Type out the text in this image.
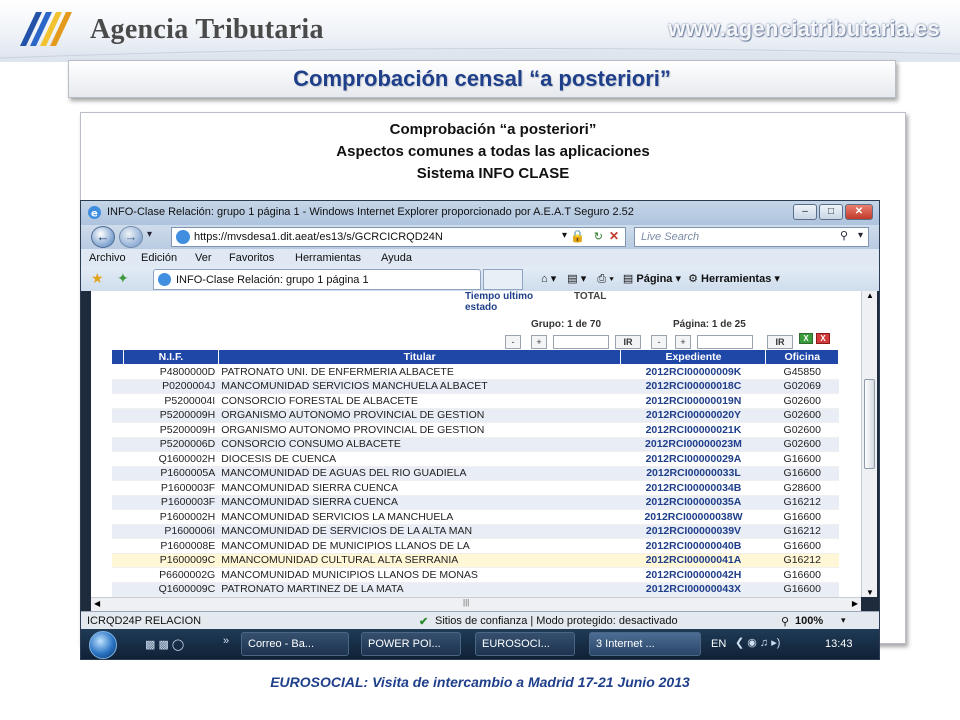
Agencia Tributaria	www.agenciatributaria.es
Comprobación censal “a posteriori”
Comprobación “a posteriori”
Aspectos comunes a todas las aplicaciones
Sistema INFO CLASE
e INFO-Clase Relación: grupo 1 página 1 - Windows Internet Explorer proporcionado por A.E.A.T Seguro 2.52	–	□	✕
←	→ ▾	https://mvsdesa1.dit.aeat/es13/s/GCRCICRQD24N	▾ 🔒 ↻ ✕	Live Search	⚲ ▾
Archivo Edición Ver Favoritos Herramientas Ayuda
★ ✦	INFO-Clase Relación: grupo 1 página 1	⌂ ▾ ▤ ▾ ⎙ ▾ ▤ Página ▾ ⚙ Herramientas ▾
Tiempo ultimo estado
TOTAL
Grupo: 1 de 70	Página: 1 de 25
-	+	IR	-	+	IR	X	X
	N.I.F.	Titular	Expediente	Oficina
	P4800000D	PATRONATO UNI. DE ENFERMERIA ALBACETE	2012RCI00000009K	G45850
	P0200004J	MANCOMUNIDAD SERVICIOS MANCHUELA ALBACET	2012RCI00000018C	G02069
	P5200004I	CONSORCIO FORESTAL DE ALBACETE	2012RCI00000019N	G02600
	P5200009H	ORGANISMO AUTONOMO PROVINCIAL DE GESTION	2012RCI00000020Y	G02600
	P5200009H	ORGANISMO AUTONOMO PROVINCIAL DE GESTION	2012RCI00000021K	G02600
	P5200006D	CONSORCIO CONSUMO ALBACETE	2012RCI00000023M	G02600
	Q1600002H	DIOCESIS DE CUENCA	2012RCI00000029A	G16600
	P1600005A	MANCOMUNIDAD DE AGUAS DEL RIO GUADIELA	2012RCI00000033L	G16600
	P1600003F	MANCOMUNIDAD SIERRA CUENCA	2012RCI00000034B	G28600
	P1600003F	MANCOMUNIDAD SIERRA CUENCA	2012RCI00000035A	G16212
	P1600002H	MANCOMUNIDAD SERVICIOS LA MANCHUELA	2012RCI00000038W	G16600
	P1600006I	MANCOMUNIDAD DE SERVICIOS DE LA ALTA MAN	2012RCI00000039V	G16212
	P1600008E	MANCOMUNIDAD DE MUNICIPIOS LLANOS DE LA	2012RCI00000040B	G16600
	P1600009C	MMANCOMUNIDAD CULTURAL ALTA SERRANIA	2012RCI00000041A	G16212
	P6600002G	MANCOMUNIDAD MUNICIPIOS LLANOS DE MONAS	2012RCI00000042H	G16600
	Q1600009C	PATRONATO MARTINEZ DE LA MATA	2012RCI00000043X	G16600
▲
▼
◀	|||	▶
ICRQD24P RELACION	✔ Sitios de confianza | Modo protegido: desactivado	⚲ 100% ▾
▩ ▩ ◯	»	Correo - Ba...	POWER POI...	EUROSOCI...	3 Internet ...	EN ❮ ◉ ♫ ▸)	13:43
EUROSOCIAL: Visita de intercambio a Madrid 17-21 Junio 2013
